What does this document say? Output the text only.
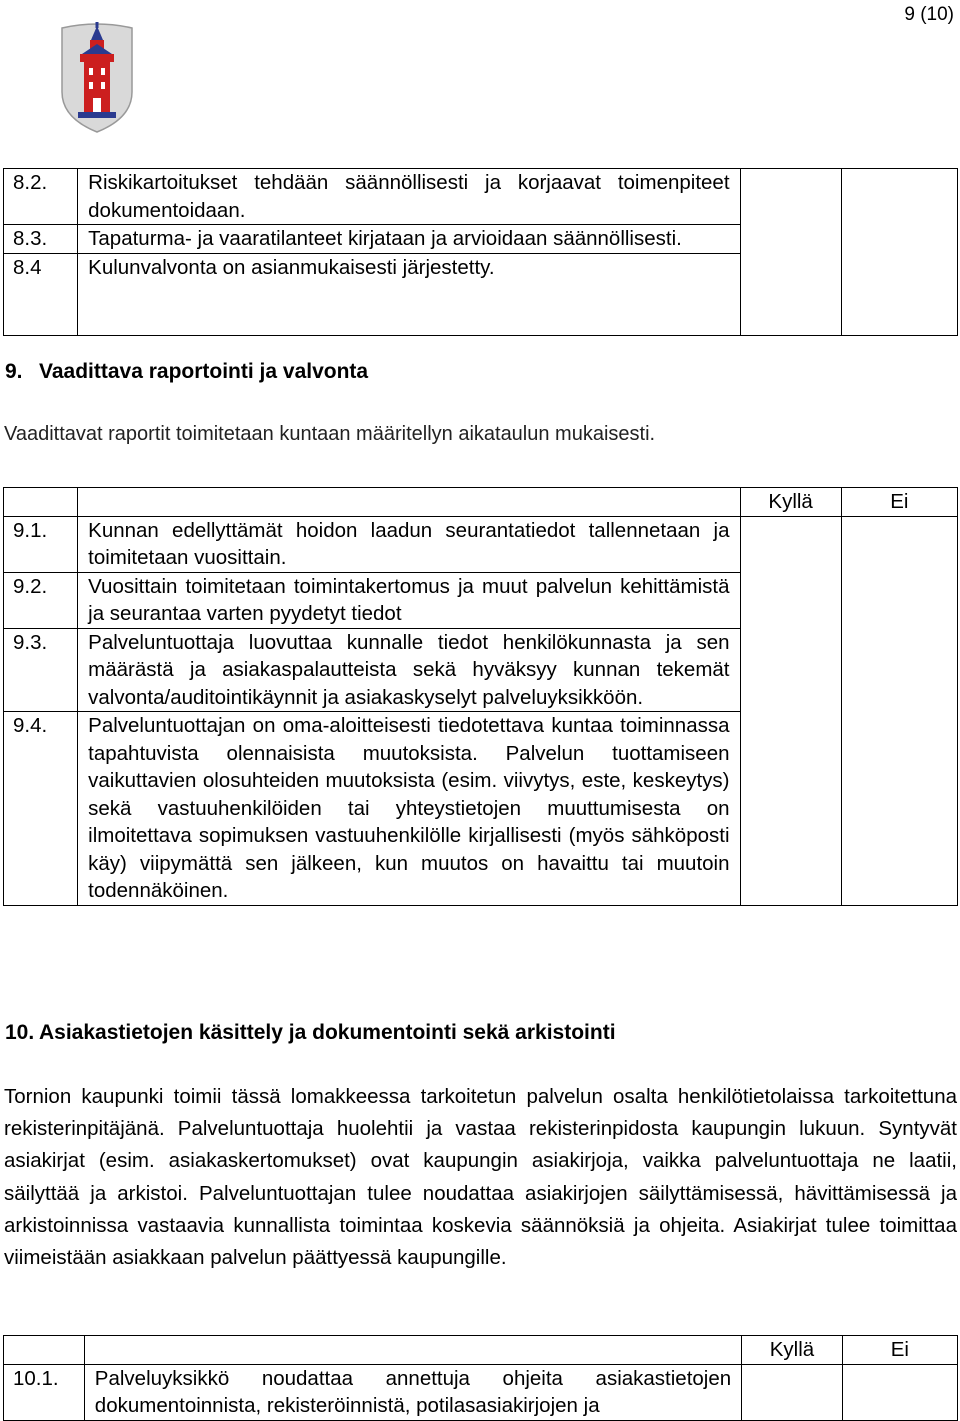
9 (10)
8.2.	Riskikartoitukset tehdään säännöllisesti ja korjaavat toimenpiteet dokumentoidaan.		
8.3.	Tapaturma- ja vaaratilanteet kirjataan ja arvioidaan säännöllisesti.		
8.4	Kulunvalvonta on asianmukaisesti järjestetty.		
9. Vaadittava raportointi ja valvonta
Vaadittavat raportit toimitetaan kuntaan määritellyn aikataulun mukaisesti.
		Kyllä	Ei
9.1.	Kunnan edellyttämät hoidon laadun seurantatiedot tallennetaan ja toimitetaan vuosittain.		
9.2.	Vuosittain toimitetaan toimintakertomus ja muut palvelun kehittämistä ja seurantaa varten pyydetyt tiedot		
9.3.	Palveluntuottaja luovuttaa kunnalle tiedot henkilökunnasta ja sen määrästä ja asiakaspalautteista sekä hyväksyy kunnan tekemät valvonta/auditointikäynnit ja asiakaskyselyt palveluyksikköön.		
9.4.	Palveluntuottajan on oma-aloitteisesti tiedotettava kuntaa toiminnassa tapahtuvista olennaisista muutoksista. Palvelun tuottamiseen vaikuttavien olosuhteiden muutoksista (esim. viivytys, este, keskeytys) sekä vastuuhenkilöiden tai yhteystietojen muuttumisesta on ilmoitettava sopimuksen vastuuhenkilölle kirjallisesti (myös sähköposti käy) viipymättä sen jälkeen, kun muutos on havaittu tai muutoin todennäköinen.		
10. Asiakastietojen käsittely ja dokumentointi sekä arkistointi
Tornion kaupunki toimii tässä lomakkeessa tarkoitetun palvelun osalta henkilötietolaissa tarkoitettuna rekisterinpitäjänä. Palveluntuottaja huolehtii ja vastaa rekisterinpidosta kaupungin lukuun. Syntyvät asiakirjat (esim. asiakaskertomukset) ovat kaupungin asiakirjoja, vaikka palveluntuottaja ne laatii, säilyttää ja arkistoi. Palveluntuottajan tulee noudattaa asiakirjojen säilyttämisessä, hävittämisessä ja arkistoinnissa vastaavia kunnallista toimintaa koskevia säännöksiä ja ohjeita. Asiakirjat tulee toimittaa viimeistään asiakkaan palvelun päättyessä kaupungille.
		Kyllä	Ei
10.1.	Palveluyksikkö noudattaa annettuja ohjeita asiakastietojen dokumentoinnista, rekisteröinnistä, potilasasiakirjojen ja		
